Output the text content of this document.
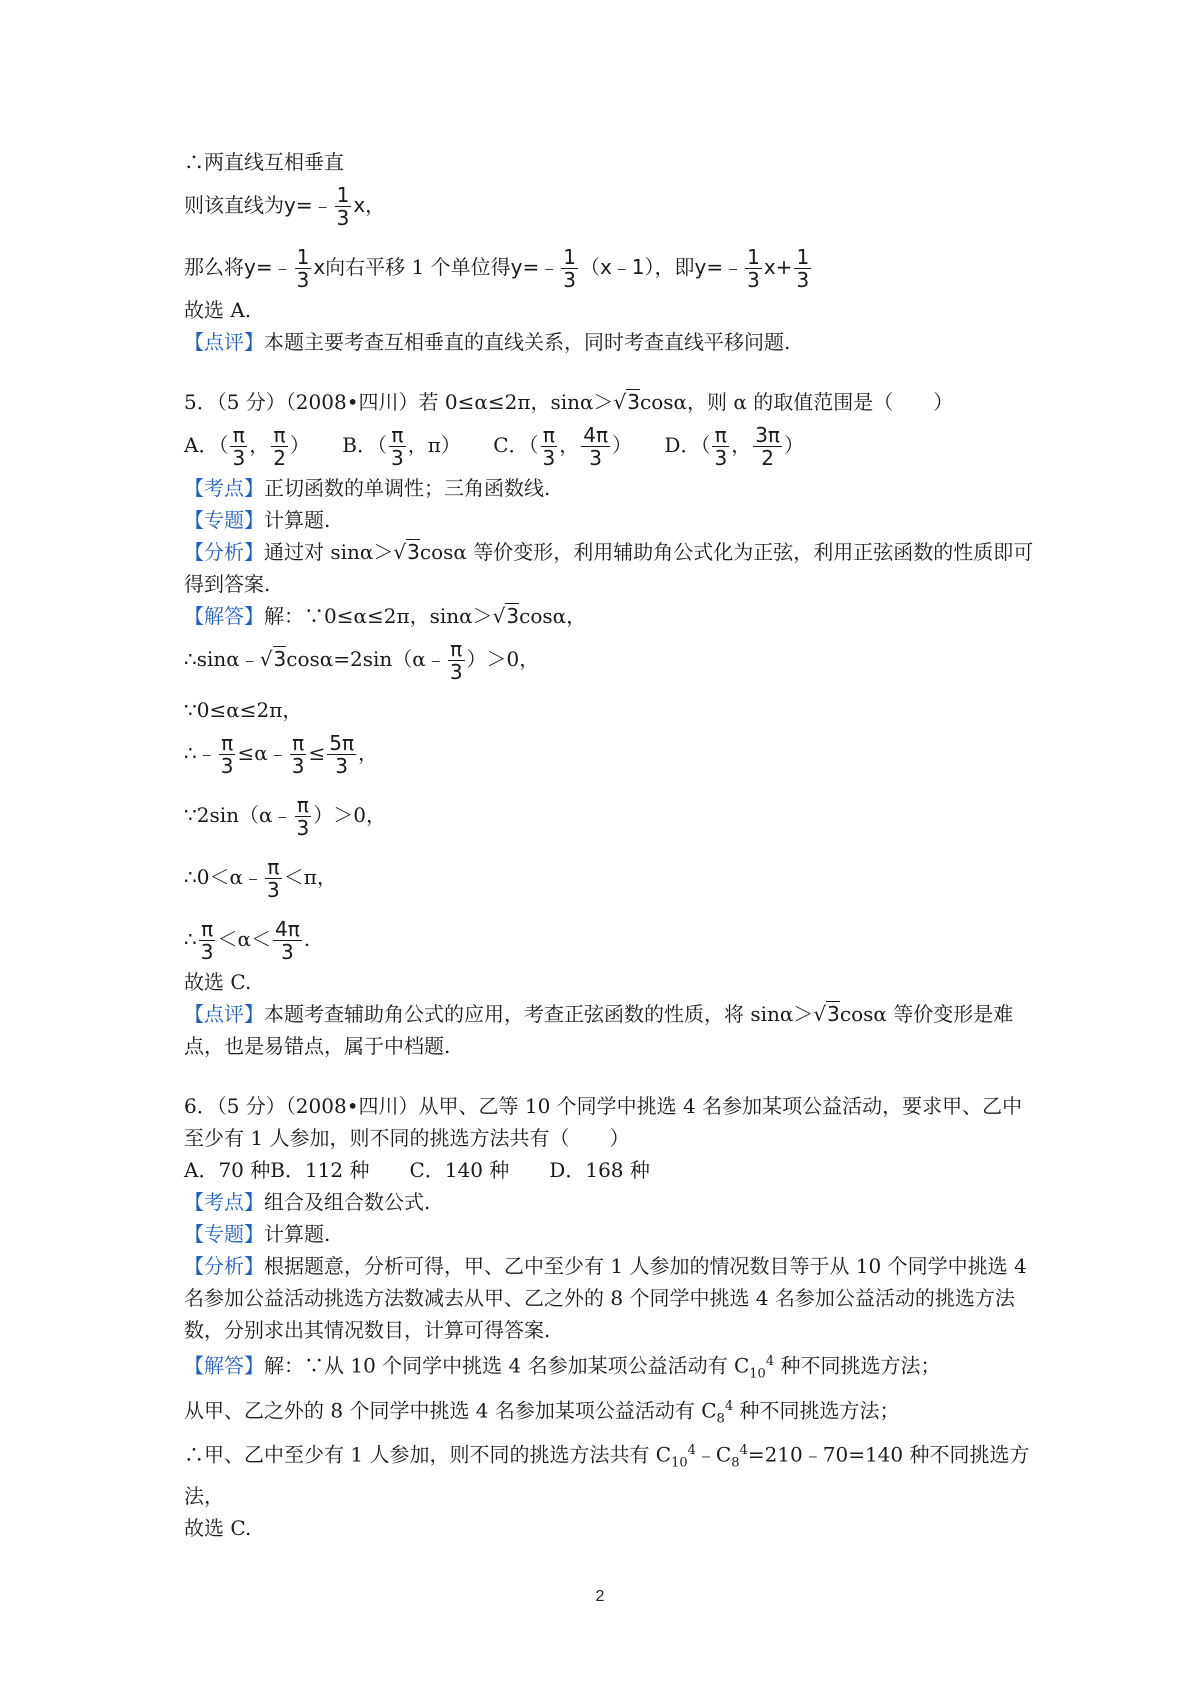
∴两直线互相垂直
则该直线为y=﹣ $\frac{1}{3}$ x，
那么将y=﹣ $\frac{1}{3}$ x向右平移 1 个单位得y=﹣ $\frac{1}{3}$ （x﹣1），即y=﹣ $\frac{1}{3} x+ \frac{1}{3}$
故选 A.
【点评】本题主要考查互相垂直的直线关系，同时考查直线平移问题.
5．（5 分）（2008•四川）若 0≤α≤2π，sinα＞√3cosα，则 α 的取值范围是（　　）
A．（ $\frac{\pi}{3}$ ， $\frac{\pi}{2}$ ） B．（ $\frac{\pi}{3}$ ，π） C．（ $\frac{\pi}{3}$ ， $\frac{4\pi}{3}$ ） D．（ $\frac{\pi}{3}$ ， $\frac{3\pi}{2}$ ）
【考点】正切函数的单调性；三角函数线.
【专题】计算题.
【分析】通过对 sinα＞√3cosα 等价变形，利用辅助角公式化为正弦，利用正弦函数的性质即可得到答案.
【解答】解：∵0≤α≤2π，sinα＞√3cosα，
∴sinα﹣√3cosα=2sin（α﹣ $\frac{\pi}{3} )>0$，
∵0≤α≤2π，
∴﹣ $\frac{\pi}{3}$ ≤α﹣ $\frac{\pi}{3} \le \frac{5\pi}{3}$ ，
∵2sin（α﹣ $\frac{\pi}{3} )>0$，
∴0＜α﹣ $\frac{\pi}{3} <\pi$，
∴ $\frac{\pi}{3} <\alpha< \frac{4\pi}{3}$ .
故选 C.
【点评】本题考查辅助角公式的应用，考查正弦函数的性质，将 sinα＞√3cosα 等价变形是难点，也是易错点，属于中档题.
6．（5 分）（2008•四川）从甲、乙等 10 个同学中挑选 4 名参加某项公益活动，要求甲、乙中至少有 1 人参加，则不同的挑选方法共有（　　）
A．70 种B．112 种　　C．140 种　　D．168 种
【考点】组合及组合数公式.
【专题】计算题.
【分析】根据题意，分析可得，甲、乙中至少有 1 人参加的情况数目等于从 10 个同学中挑选 4 名参加公益活动挑选方法数减去从甲、乙之外的 8 个同学中挑选 4 名参加公益活动的挑选方法数，分别求出其情况数目，计算可得答案.
【解答】解：∵从 10 个同学中挑选 4 名参加某项公益活动有 $C_{10}^4$ 种不同挑选方法；
从甲、乙之外的 8 个同学中挑选 4 名参加某项公益活动有 $C_8^4$ 种不同挑选方法；
∴甲、乙中至少有 1 人参加，则不同的挑选方法共有 $C_{10}^4﹣C_8^4=210﹣70=140$ 种不同挑选方法，
故选 C.
2
